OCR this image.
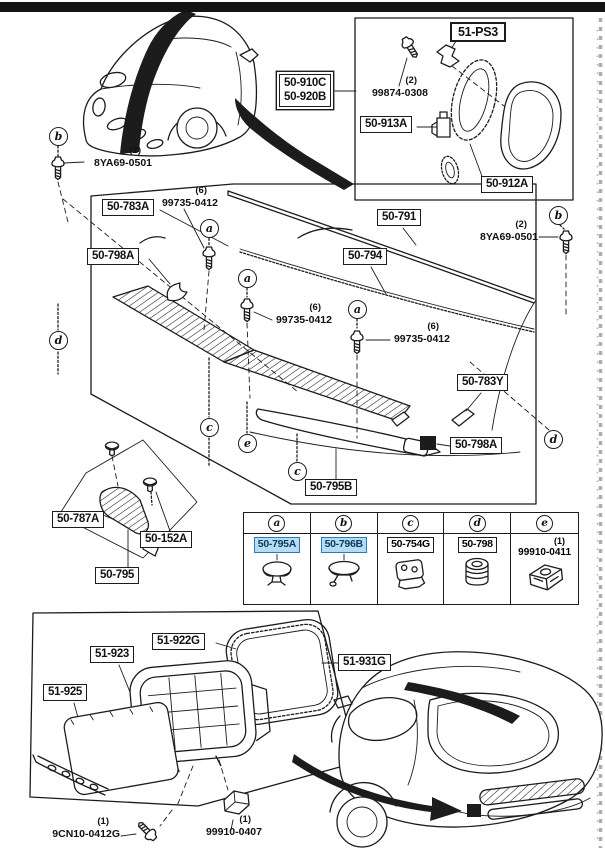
51-PS3
50-910C
50-920B
(2)
99874-0308
50-913A
50-912A
b
(2)
8YA69-0501
50-783A
(6)
99735-0412
a
50-798A
50-791
50-794
b
(2)
8YA69-0501
a
(6)
99735-0412
a
(6)
99735-0412
d
50-783Y
d
50-798A
c
e
c
50-795B
50-787A
50-152A
50-795
a
50-795A
b
50-796B
c
50-754G
d
50-798
e
(1)
99910-0411
51-922G
51-923
51-925
51-931G
(1)
9CN10-0412G
(1)
99910-0407
